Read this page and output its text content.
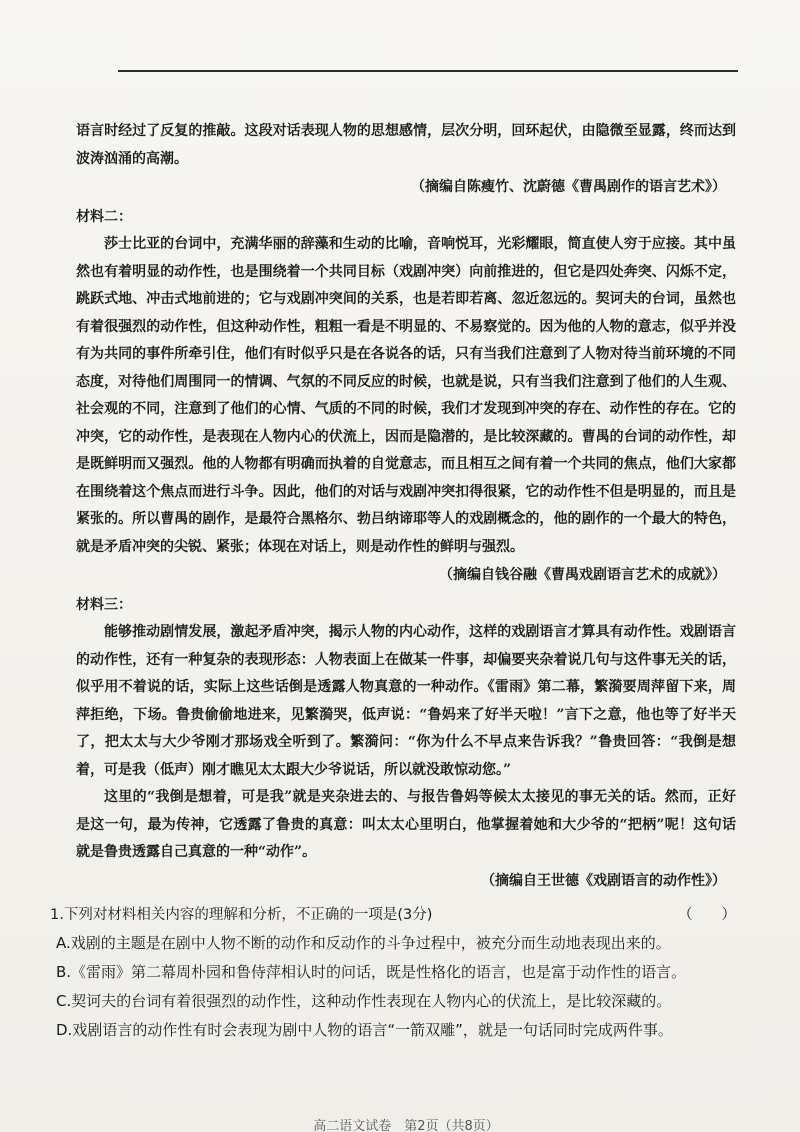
语言时经过了反复的推敲。这段对话表现人物的思想感情，层次分明，回环起伏，由隐微至显露，终而达到波涛汹涌的高潮。

（摘编自陈瘦竹、沈蔚德《曹禺剧作的语言艺术》）

材料二：

莎士比亚的台词中，充满华丽的辞藻和生动的比喻，音响悦耳，光彩耀眼，简直使人穷于应接。其中虽然也有着明显的动作性，也是围绕着一个共同目标（戏剧冲突）向前推进的，但它是四处奔突、闪烁不定，跳跃式地、冲击式地前进的；它与戏剧冲突间的关系，也是若即若离、忽近忽远的。契诃夫的台词，虽然也有着很强烈的动作性，但这种动作性，粗粗一看是不明显的、不易察觉的。因为他的人物的意志，似乎并没有为共同的事件所牵引住，他们有时似乎只是在各说各的话，只有当我们注意到了人物对待当前环境的不同态度，对待他们周围同一的情调、气氛的不同反应的时候，也就是说，只有当我们注意到了他们的人生观、社会观的不同，注意到了他们的心情、气质的不同的时候，我们才发现到冲突的存在、动作性的存在。它的冲突，它的动作性，是表现在人物内心的伏流上，因而是隐潜的，是比较深藏的。曹禺的台词的动作性，却是既鲜明而又强烈。他的人物都有明确而执着的自觉意志，而且相互之间有着一个共同的焦点，他们大家都在围绕着这个焦点而进行斗争。因此，他们的对话与戏剧冲突扣得很紧，它的动作性不但是明显的，而且是紧张的。所以曹禺的剧作，是最符合黑格尔、勃吕纳谛耶等人的戏剧概念的，他的剧作的一个最大的特色，就是矛盾冲突的尖锐、紧张；体现在对话上，则是动作性的鲜明与强烈。

（摘编自钱谷融《曹禺戏剧语言艺术的成就》）

材料三：

能够推动剧情发展，激起矛盾冲突，揭示人物的内心动作，这样的戏剧语言才算具有动作性。戏剧语言的动作性，还有一种复杂的表现形态：人物表面上在做某一件事，却偏要夹杂着说几句与这件事无关的话，似乎用不着说的话，实际上这些话倒是透露人物真意的一种动作。《雷雨》第二幕，繁漪要周萍留下来，周萍拒绝，下场。鲁贵偷偷地进来，见繁漪哭，低声说：“鲁妈来了好半天啦！”言下之意，他也等了好半天了，把太太与大少爷刚才那场戏全听到了。繁漪问：“你为什么不早点来告诉我？”鲁贵回答：“我倒是想着，可是我（低声）刚才瞧见太太跟大少爷说话，所以就没敢惊动您。”

这里的“我倒是想着，可是我”就是夹杂进去的、与报告鲁妈等候太太接见的事无关的话。然而，正好是这一句，最为传神，它透露了鲁贵的真意：叫太太心里明白，他掌握着她和大少爷的“把柄”呢！这句话就是鲁贵透露自己真意的一种“动作”。

（摘编自王世德《戏剧语言的动作性》）

1.下列对材料相关内容的理解和分析，不正确的一项是(3分)	（　　）

A.戏剧的主题是在剧中人物不断的动作和反动作的斗争过程中，被充分而生动地表现出来的。

B.《雷雨》第二幕周朴园和鲁侍萍相认时的问话，既是性格化的语言，也是富于动作性的语言。

C.契诃夫的台词有着很强烈的动作性，这种动作性表现在人物内心的伏流上，是比较深藏的。

D.戏剧语言的动作性有时会表现为剧中人物的语言“一箭双雕”，就是一句话同时完成两件事。

高二语文试卷　第2页（共8页）
